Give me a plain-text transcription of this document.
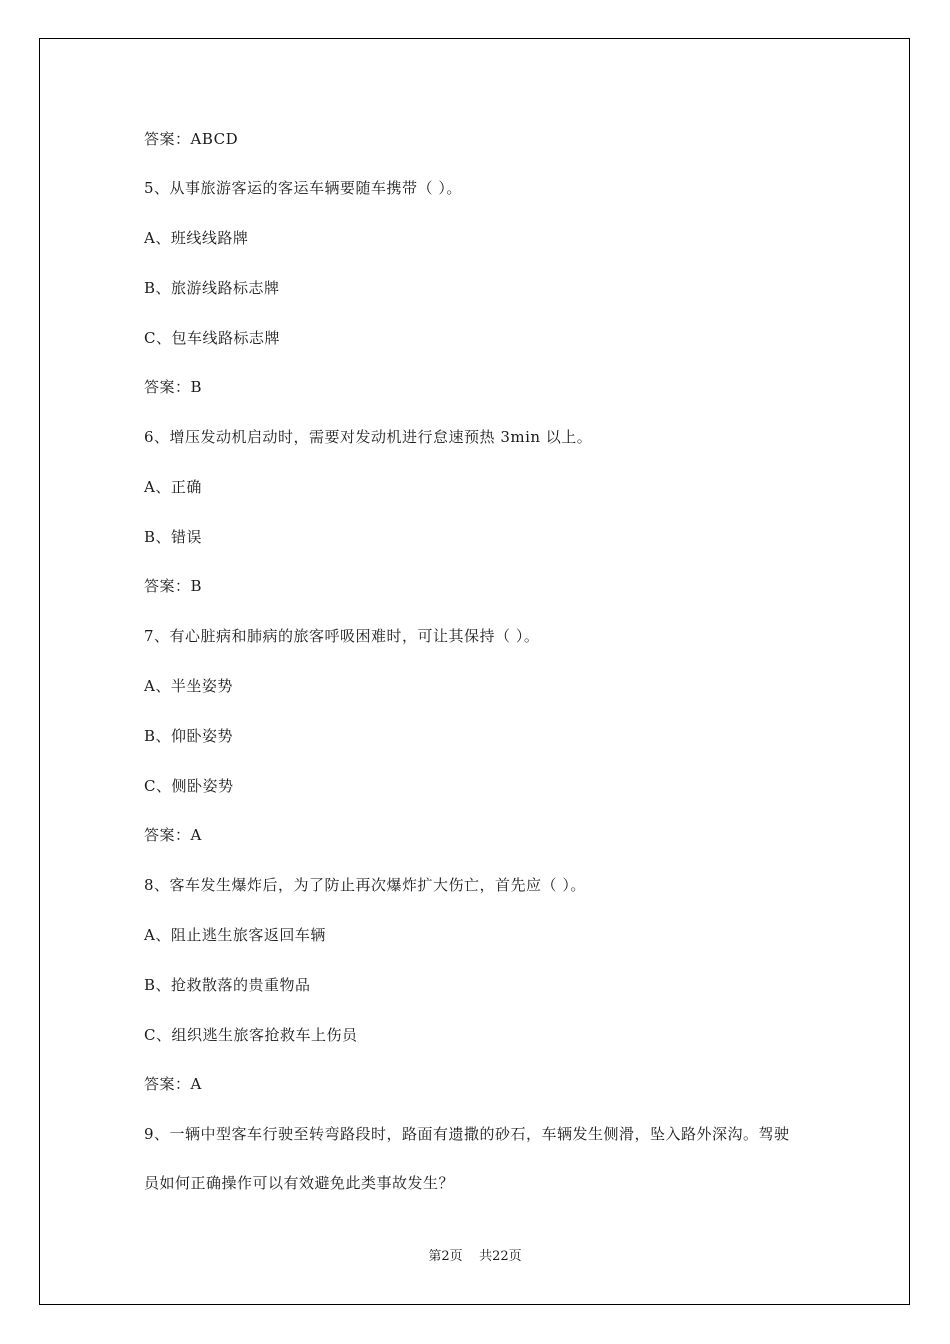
答案：ABCD
5、从事旅游客运的客运车辆要随车携带（ ）。
A、班线线路牌
B、旅游线路标志牌
C、包车线路标志牌
答案：B
6、增压发动机启动时，需要对发动机进行怠速预热 3min 以上。
A、正确
B、错误
答案：B
7、有心脏病和肺病的旅客呼吸困难时，可让其保持（ ）。
A、半坐姿势
B、仰卧姿势
C、侧卧姿势
答案：A
8、客车发生爆炸后，为了防止再次爆炸扩大伤亡，首先应（ ）。
A、阻止逃生旅客返回车辆
B、抢救散落的贵重物品
C、组织逃生旅客抢救车上伤员
答案：A
9、一辆中型客车行驶至转弯路段时，路面有遗撒的砂石，车辆发生侧滑，坠入路外深沟。驾驶
员如何正确操作可以有效避免此类事故发生？
第2页    共22页
